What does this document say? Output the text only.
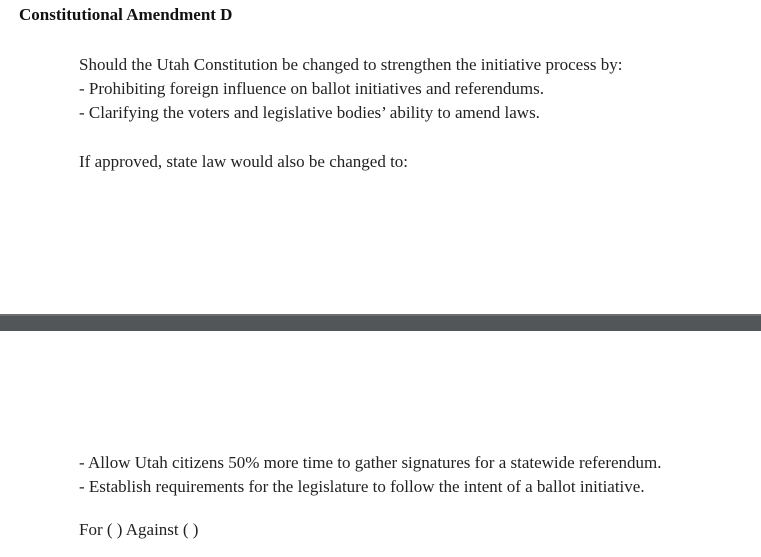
Constitutional Amendment D
Should the Utah Constitution be changed to strengthen the initiative process by:
- Prohibiting foreign influence on ballot initiatives and referendums.
- Clarifying the voters and legislative bodies’ ability to amend laws.
If approved, state law would also be changed to:
- Allow Utah citizens 50% more time to gather signatures for a statewide referendum.
- Establish requirements for the legislature to follow the intent of a ballot initiative.
For ( ) Against ( )
